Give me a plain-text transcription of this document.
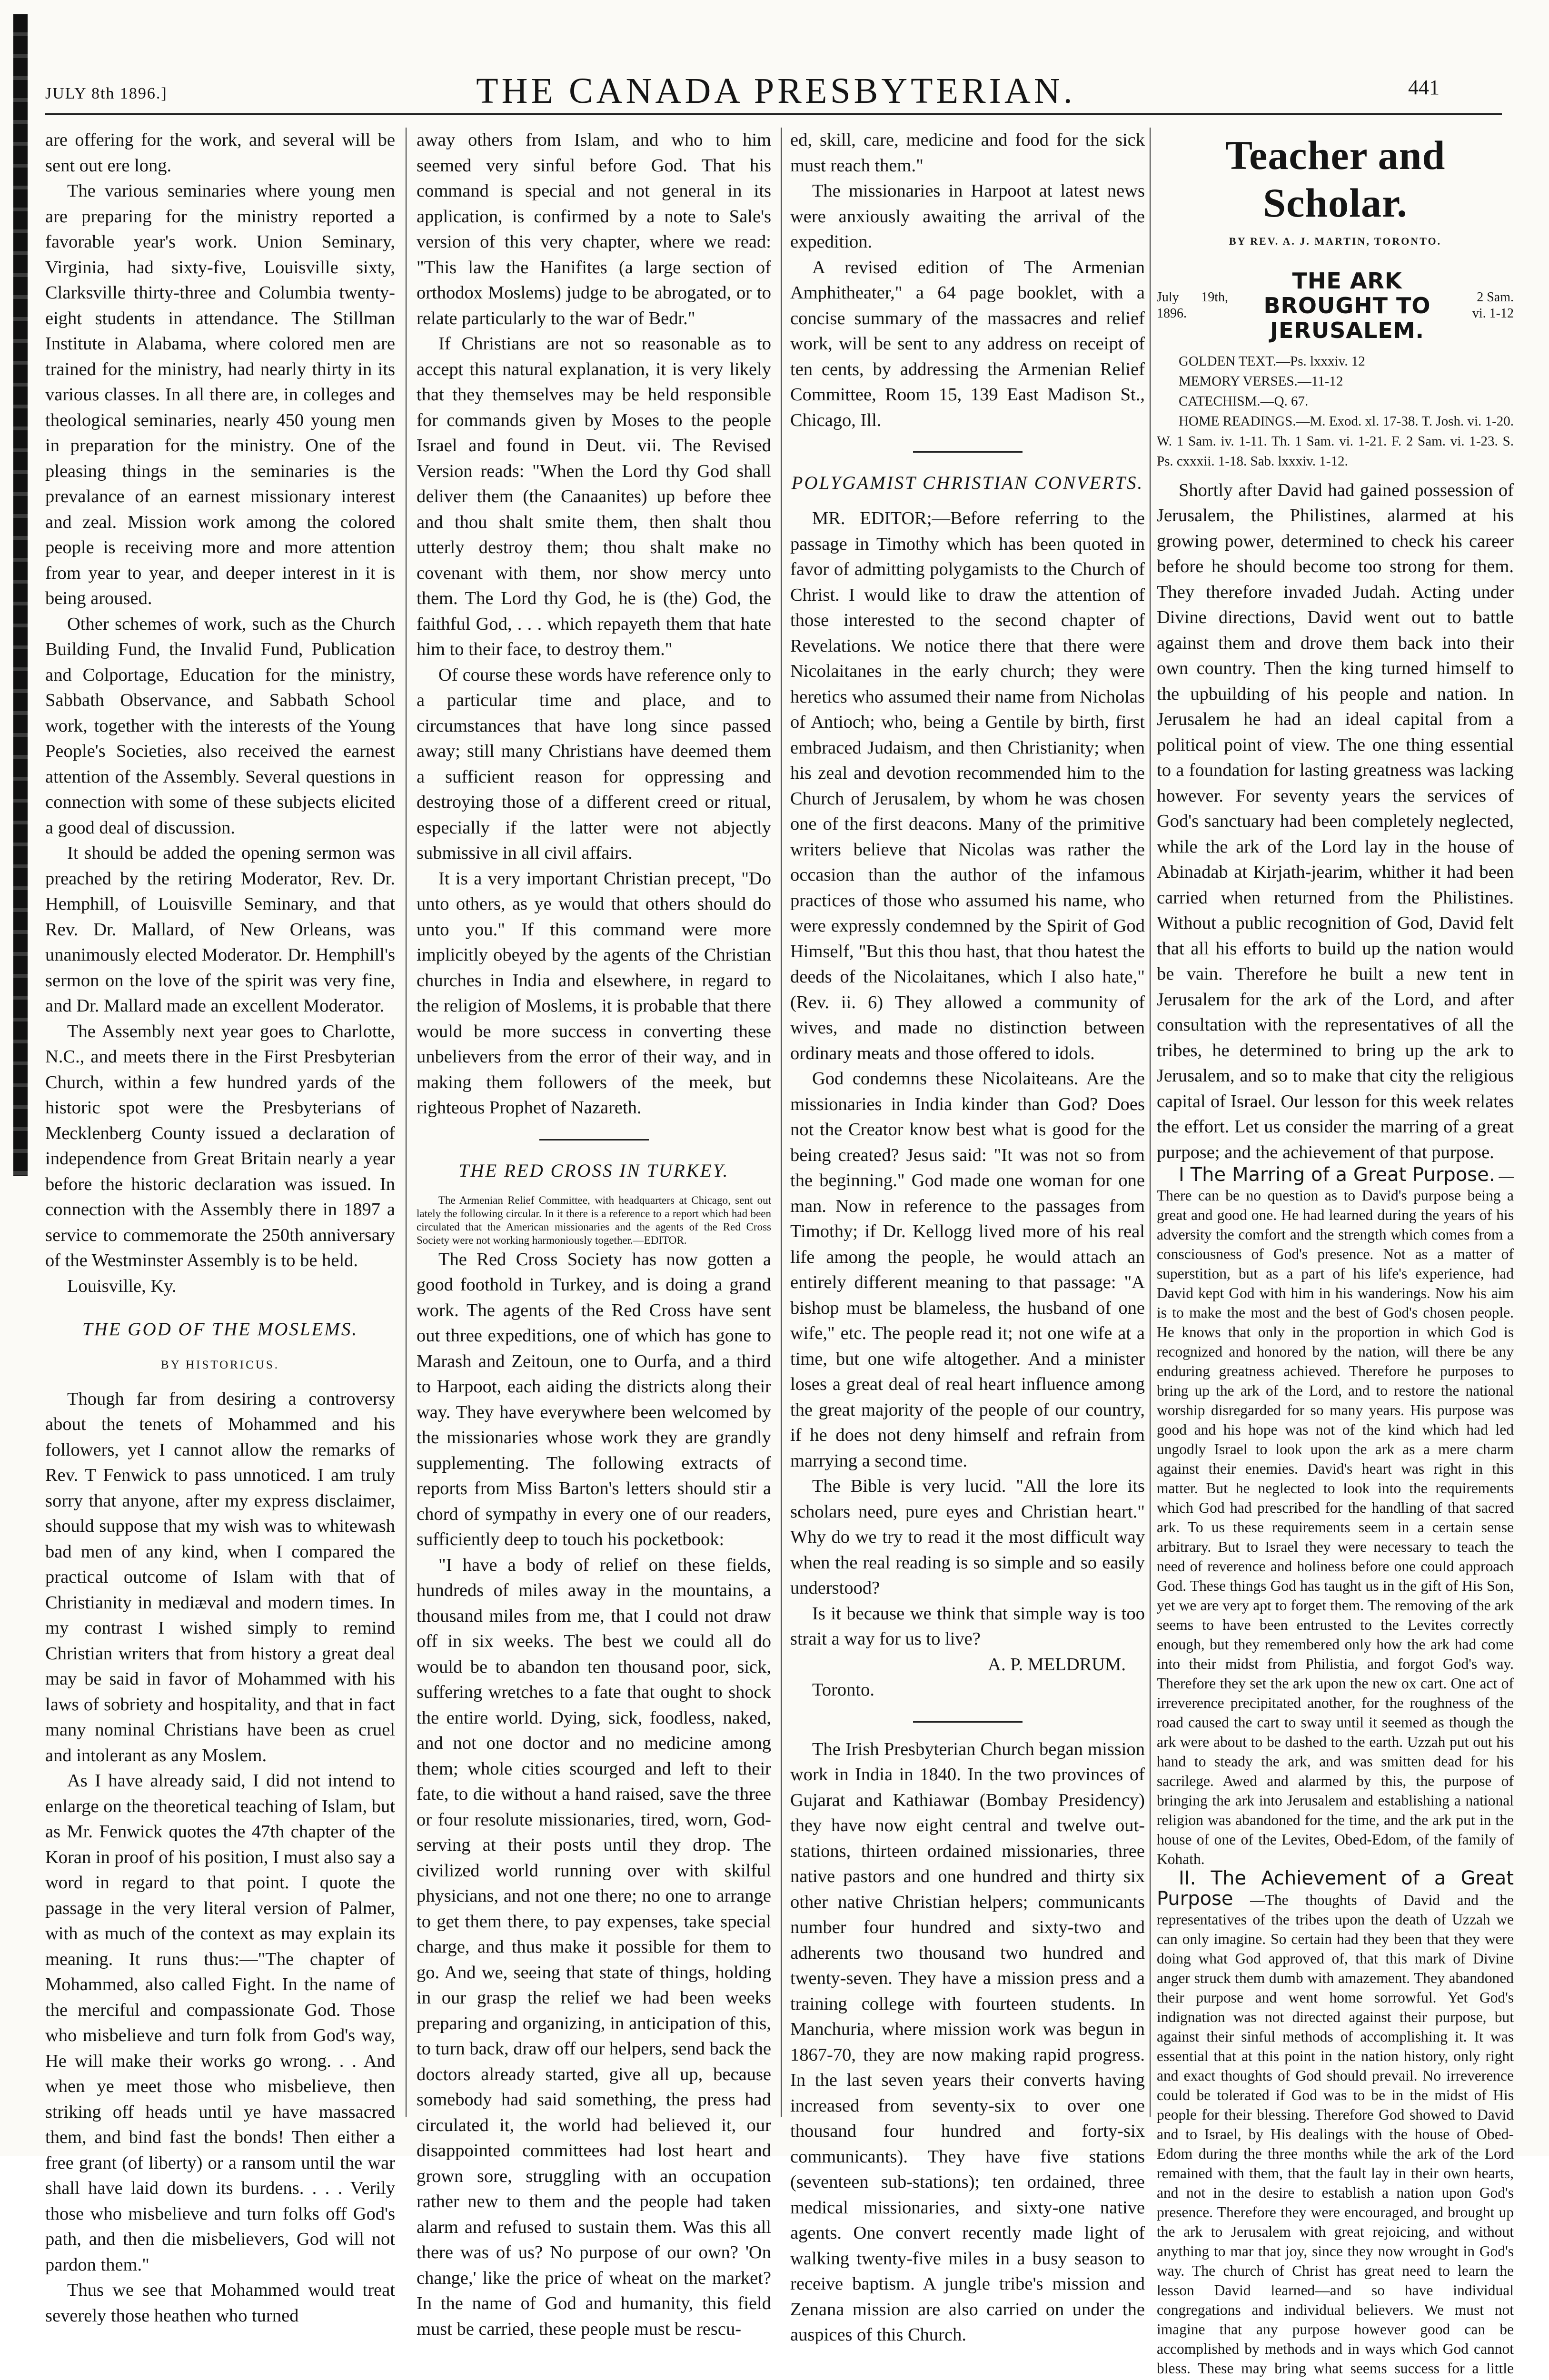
JULY 8th 1896.]	THE CANADA PRESBYTERIAN.	441

are offering for the work, and several will be sent out ere long.

The various seminaries where young men are preparing for the ministry reported a favorable year's work. Union Seminary, Virginia, had sixty-five, Louisville sixty, Clarksville thirty-three and Columbia twenty-eight students in attendance. The Stillman Institute in Alabama, where colored men are trained for the ministry, had nearly thirty in its various classes. In all there are, in colleges and theological seminaries, nearly 450 young men in preparation for the ministry. One of the pleasing things in the seminaries is the prevalance of an earnest missionary interest and zeal. Mission work among the colored people is receiving more and more attention from year to year, and deeper interest in it is being aroused.

Other schemes of work, such as the Church Building Fund, the Invalid Fund, Publication and Colportage, Education for the ministry, Sabbath Observance, and Sabbath School work, together with the interests of the Young People's Societies, also received the earnest attention of the Assembly. Several questions in connection with some of these subjects elicited a good deal of discussion.

It should be added the opening sermon was preached by the retiring Moderator, Rev. Dr. Hemphill, of Louisville Seminary, and that Rev. Dr. Mallard, of New Orleans, was unanimously elected Moderator. Dr. Hemphill's sermon on the love of the spirit was very fine, and Dr. Mallard made an excellent Moderator.

The Assembly next year goes to Charlotte, N.C., and meets there in the First Presbyterian Church, within a few hundred yards of the historic spot were the Presbyterians of Mecklenberg County issued a declaration of independence from Great Britain nearly a year before the historic declaration was issued. In connection with the Assembly there in 1897 a service to commemorate the 250th anniversary of the Westminster Assembly is to be held.

Louisville, Ky.

THE GOD OF THE MOSLEMS.
BY HISTORICUS.

Though far from desiring a controversy about the tenets of Mohammed and his followers, yet I cannot allow the remarks of Rev. T Fenwick to pass unnoticed. I am truly sorry that anyone, after my express disclaimer, should suppose that my wish was to whitewash bad men of any kind, when I compared the practical outcome of Islam with that of Christianity in mediæval and modern times. In my contrast I wished simply to remind Christian writers that from history a great deal may be said in favor of Mohammed with his laws of sobriety and hospitality, and that in fact many nominal Christians have been as cruel and intolerant as any Moslem.

As I have already said, I did not intend to enlarge on the theoretical teaching of Islam, but as Mr. Fenwick quotes the 47th chapter of the Koran in proof of his position, I must also say a word in regard to that point. I quote the passage in the very literal version of Palmer, with as much of the context as may explain its meaning. It runs thus:—"The chapter of Mohammed, also called Fight. In the name of the merciful and compassionate God. Those who misbelieve and turn folk from God's way, He will make their works go wrong. . . And when ye meet those who misbelieve, then striking off heads until ye have massacred them, and bind fast the bonds! Then either a free grant (of liberty) or a ransom until the war shall have laid down its burdens. . . . Verily those who misbelieve and turn folks off God's path, and then die misbelievers, God will not pardon them."

Thus we see that Mohammed would treat severely those heathen who turned

away others from Islam, and who to him seemed very sinful before God. That his command is special and not general in its application, is confirmed by a note to Sale's version of this very chapter, where we read: "This law the Hanifites (a large section of orthodox Moslems) judge to be abrogated, or to relate particularly to the war of Bedr."

If Christians are not so reasonable as to accept this natural explanation, it is very likely that they themselves may be held responsible for commands given by Moses to the people Israel and found in Deut. vii. The Revised Version reads: "When the Lord thy God shall deliver them (the Canaanites) up before thee and thou shalt smite them, then shalt thou utterly destroy them; thou shalt make no covenant with them, nor show mercy unto them. The Lord thy God, he is (the) God, the faithful God, . . . which repayeth them that hate him to their face, to destroy them."

Of course these words have reference only to a particular time and place, and to circumstances that have long since passed away; still many Christians have deemed them a sufficient reason for oppressing and destroying those of a different creed or ritual, especially if the latter were not abjectly submissive in all civil affairs.

It is a very important Christian precept, "Do unto others, as ye would that others should do unto you." If this command were more implicitly obeyed by the agents of the Christian churches in India and elsewhere, in regard to the religion of Moslems, it is probable that there would be more success in converting these unbelievers from the error of their way, and in making them followers of the meek, but righteous Prophet of Nazareth.

THE RED CROSS IN TURKEY.

The Armenian Relief Committee, with headquarters at Chicago, sent out lately the following circular. In it there is a reference to a report which had been circulated that the American missionaries and the agents of the Red Cross Society were not working harmoniously together.—EDITOR.

The Red Cross Society has now gotten a good foothold in Turkey, and is doing a grand work. The agents of the Red Cross have sent out three expeditions, one of which has gone to Marash and Zeitoun, one to Ourfa, and a third to Harpoot, each aiding the districts along their way. They have everywhere been welcomed by the missionaries whose work they are grandly supplementing. The following extracts of reports from Miss Barton's letters should stir a chord of sympathy in every one of our readers, sufficiently deep to touch his pocketbook:

"I have a body of relief on these fields, hundreds of miles away in the mountains, a thousand miles from me, that I could not draw off in six weeks. The best we could all do would be to abandon ten thousand poor, sick, suffering wretches to a fate that ought to shock the entire world. Dying, sick, foodless, naked, and not one doctor and no medicine among them; whole cities scourged and left to their fate, to die without a hand raised, save the three or four resolute missionaries, tired, worn, God-serving at their posts until they drop. The civilized world running over with skilful physicians, and not one there; no one to arrange to get them there, to pay expenses, take special charge, and thus make it possible for them to go. And we, seeing that state of things, holding in our grasp the relief we had been weeks preparing and organizing, in anticipation of this, to turn back, draw off our helpers, send back the doctors already started, give all up, because somebody had said something, the press had circulated it, the world had believed it, our disappointed committees had lost heart and grown sore, struggling with an occupation rather new to them and the people had taken alarm and refused to sustain them. Was this all there was of us? No purpose of our own? 'On change,' like the price of wheat on the market? In the name of God and humanity, this field must be carried, these people must be rescu-

ed, skill, care, medicine and food for the sick must reach them."

The missionaries in Harpoot at latest news were anxiously awaiting the arrival of the expedition.

A revised edition of The Armenian Amphitheater," a 64 page booklet, with a concise summary of the massacres and relief work, will be sent to any address on receipt of ten cents, by addressing the Armenian Relief Committee, Room 15, 139 East Madison St., Chicago, Ill.

POLYGAMIST CHRISTIAN CONVERTS.

MR. EDITOR;—Before referring to the passage in Timothy which has been quoted in favor of admitting polygamists to the Church of Christ. I would like to draw the attention of those interested to the second chapter of Revelations. We notice there that there were Nicolaitanes in the early church; they were heretics who assumed their name from Nicholas of Antioch; who, being a Gentile by birth, first embraced Judaism, and then Christianity; when his zeal and devotion recommended him to the Church of Jerusalem, by whom he was chosen one of the first deacons. Many of the primitive writers believe that Nicolas was rather the occasion than the author of the infamous practices of those who assumed his name, who were expressly condemned by the Spirit of God Himself, "But this thou hast, that thou hatest the deeds of the Nicolaitanes, which I also hate," (Rev. ii. 6) They allowed a community of wives, and made no distinction between ordinary meats and those offered to idols.

God condemns these Nicolaiteans. Are the missionaries in India kinder than God? Does not the Creator know best what is good for the being created? Jesus said: "It was not so from the beginning." God made one woman for one man. Now in reference to the passages from Timothy; if Dr. Kellogg lived more of his real life among the people, he would attach an entirely different meaning to that passage: "A bishop must be blameless, the husband of one wife," etc. The people read it; not one wife at a time, but one wife altogether. And a minister loses a great deal of real heart influence among the great majority of the people of our country, if he does not deny himself and refrain from marrying a second time.

The Bible is very lucid. "All the lore its scholars need, pure eyes and Christian heart." Why do we try to read it the most difficult way when the real reading is so simple and so easily understood?

Is it because we think that simple way is too strait a way for us to live?

A. P. MELDRUM.

Toronto.

The Irish Presbyterian Church began mission work in India in 1840. In the two provinces of Gujarat and Kathiawar (Bombay Presidency) they have now eight central and twelve out-stations, thirteen ordained missionaries, three native pastors and one hundred and thirty six other native Christian helpers; communicants number four hundred and sixty-two and adherents two thousand two hundred and twenty-seven. They have a mission press and a training college with fourteen students. In Manchuria, where mission work was begun in 1867-70, they are now making rapid progress. In the last seven years their converts having increased from seventy-six to over one thousand four hundred and forty-six communicants). They have five stations (seventeen sub-stations); ten ordained, three medical missionaries, and sixty-one native agents. One convert recently made light of walking twenty-five miles in a busy season to receive baptism. A jungle tribe's mission and Zenana mission are also carried on under the auspices of this Church.

Teacher and Scholar.
BY REV. A. J. MARTIN, TORONTO.
July 19th, 1896.
THE ARK BROUGHT TO JERUSALEM.
2 Sam. vi. 1-12

GOLDEN TEXT.—Ps. lxxxiv. 12

MEMORY VERSES.—11-12

CATECHISM.—Q. 67.

HOME READINGS.—M. Exod. xl. 17-38. T. Josh. vi. 1-20. W. 1 Sam. iv. 1-11. Th. 1 Sam. vi. 1-21. F. 2 Sam. vi. 1-23. S. Ps. cxxxii. 1-18. Sab. lxxxiv. 1-12.

Shortly after David had gained possession of Jerusalem, the Philistines, alarmed at his growing power, determined to check his career before he should become too strong for them. They therefore invaded Judah. Acting under Divine directions, David went out to battle against them and drove them back into their own country. Then the king turned himself to the upbuilding of his people and nation. In Jerusalem he had an ideal capital from a political point of view. The one thing essential to a foundation for lasting greatness was lacking however. For seventy years the services of God's sanctuary had been completely neglected, while the ark of the Lord lay in the house of Abinadab at Kirjath-jearim, whither it had been carried when returned from the Philistines. Without a public recognition of God, David felt that all his efforts to build up the nation would be vain. Therefore he built a new tent in Jerusalem for the ark of the Lord, and after consultation with the representatives of all the tribes, he determined to bring up the ark to Jerusalem, and so to make that city the religious capital of Israel. Our lesson for this week relates the effort. Let us consider the marring of a great purpose; and the achievement of that purpose.

I The Marring of a Great Purpose. —There can be no question as to David's purpose being a great and good one. He had learned during the years of his adversity the comfort and the strength which comes from a consciousness of God's presence. Not as a matter of superstition, but as a part of his life's experience, had David kept God with him in his wanderings. Now his aim is to make the most and the best of God's chosen people. He knows that only in the proportion in which God is recognized and honored by the nation, will there be any enduring greatness achieved. Therefore he purposes to bring up the ark of the Lord, and to restore the national worship disregarded for so many years. His purpose was good and his hope was not of the kind which had led ungodly Israel to look upon the ark as a mere charm against their enemies. David's heart was right in this matter. But he neglected to look into the requirements which God had prescribed for the handling of that sacred ark. To us these requirements seem in a certain sense arbitrary. But to Israel they were necessary to teach the need of reverence and holiness before one could approach God. These things God has taught us in the gift of His Son, yet we are very apt to forget them. The removing of the ark seems to have been entrusted to the Levites correctly enough, but they remembered only how the ark had come into their midst from Philistia, and forgot God's way. Therefore they set the ark upon the new ox cart. One act of irreverence precipitated another, for the roughness of the road caused the cart to sway until it seemed as though the ark were about to be dashed to the earth. Uzzah put out his hand to steady the ark, and was smitten dead for his sacrilege. Awed and alarmed by this, the purpose of bringing the ark into Jerusalem and establishing a national religion was abandoned for the time, and the ark put in the house of one of the Levites, Obed-Edom, of the family of Kohath.

II. The Achievement of a Great Purpose —The thoughts of David and the representatives of the tribes upon the death of Uzzah we can only imagine. So certain had they been that they were doing what God approved of, that this mark of Divine anger struck them dumb with amazement. They abandoned their purpose and went home sorrowful. Yet God's indignation was not directed against their purpose, but against their sinful methods of accomplishing it. It was essential that at this point in the nation history, only right and exact thoughts of God should prevail. No irreverence could be tolerated if God was to be in the midst of His people for their blessing. Therefore God showed to David and to Israel, by His dealings with the house of Obed-Edom during the three months while the ark of the Lord remained with them, that the fault lay in their own hearts, and not in the desire to establish a nation upon God's presence. Therefore they were encouraged, and brought up the ark to Jerusalem with great rejoicing, and without anything to mar that joy, since they now wrought in God's way. The church of Christ has great need to learn the lesson David learned—and so have individual congregations and individual believers. We must not imagine that any purpose however good can be accomplished by methods and in ways which God cannot bless. These may bring what seems success for a little
